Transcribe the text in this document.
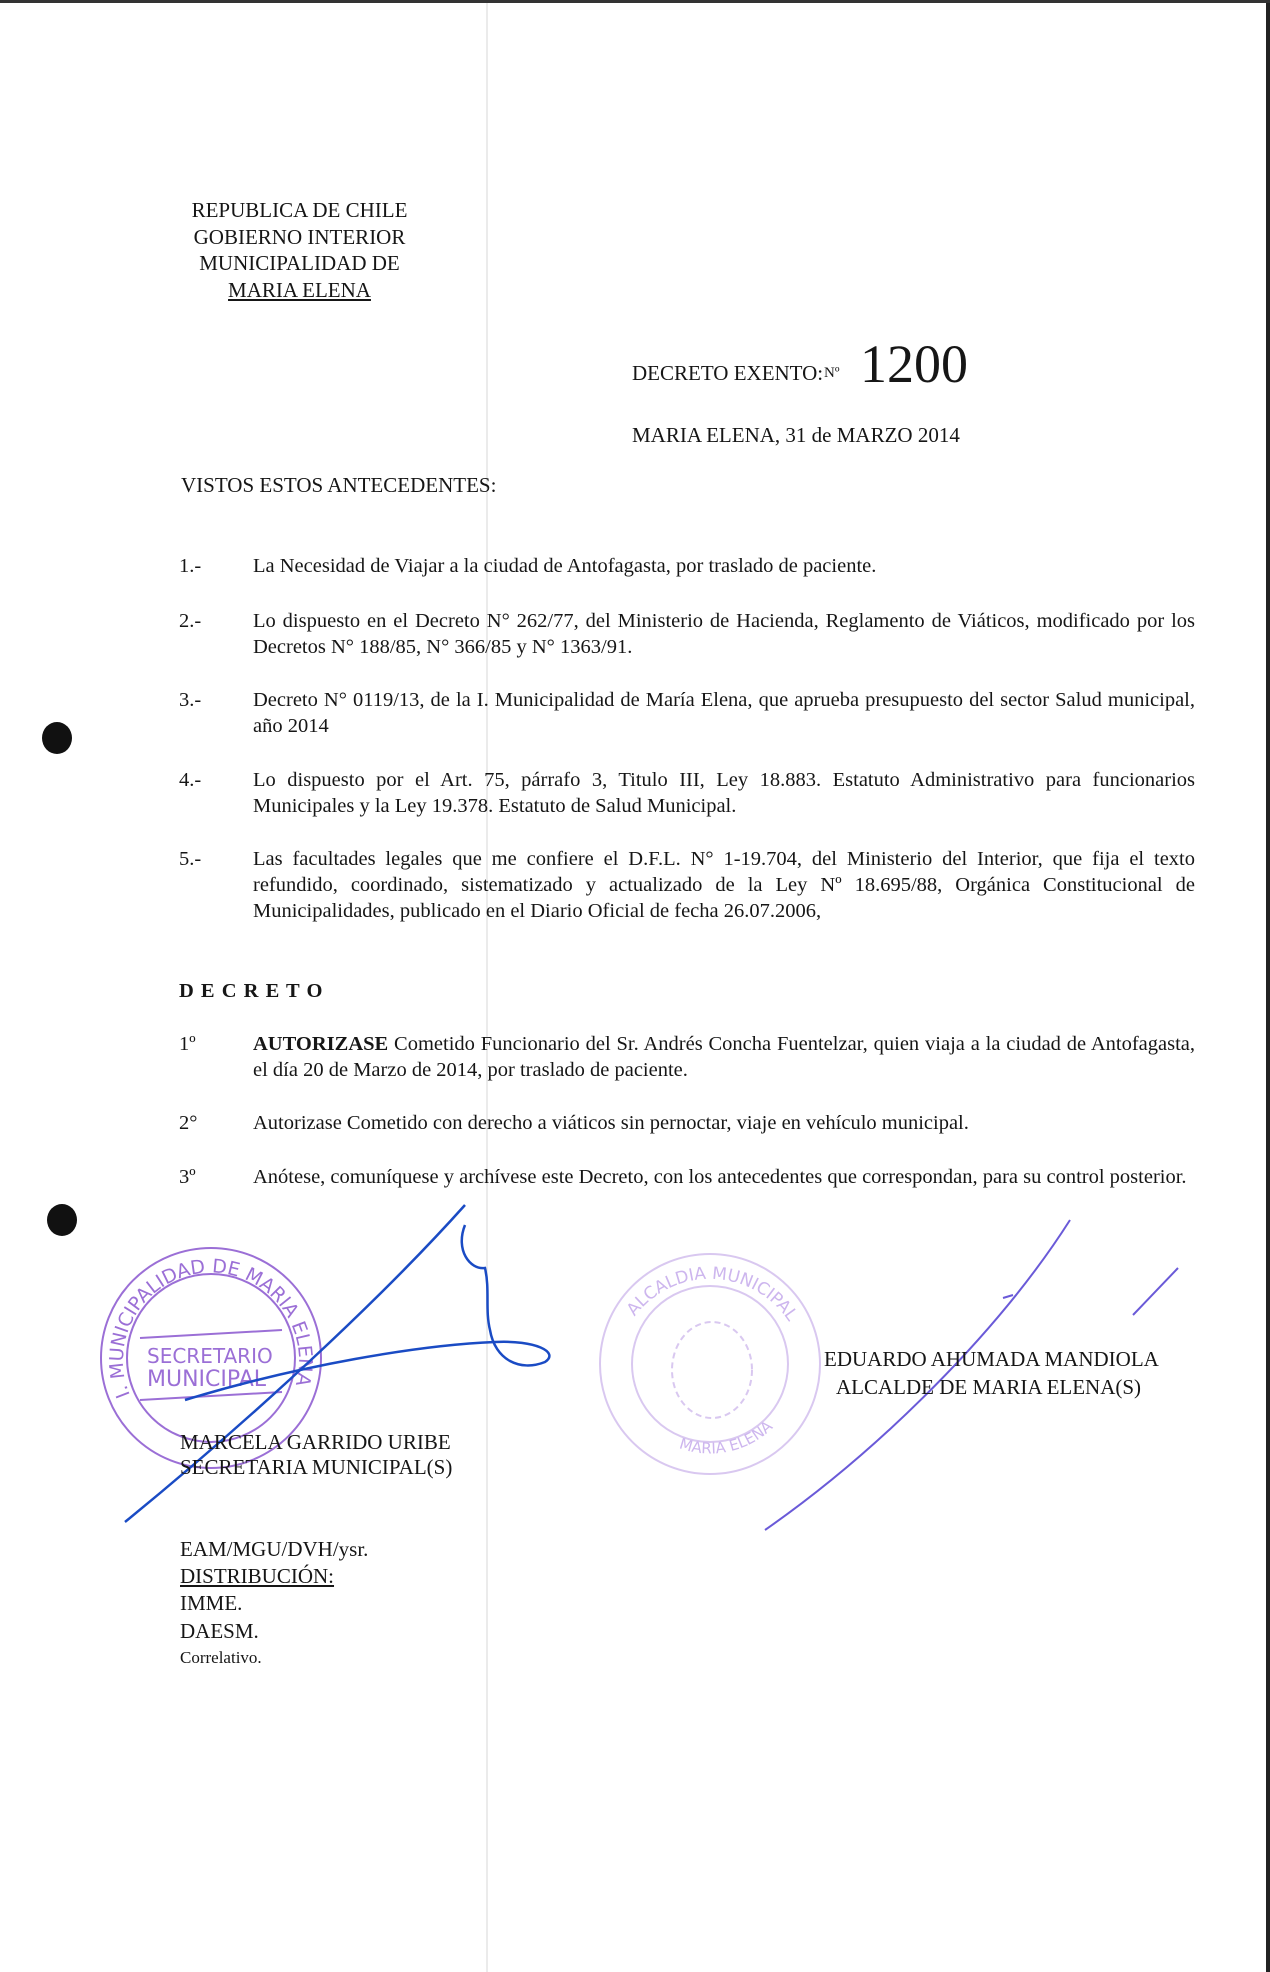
REPUBLICA DE CHILE
GOBIERNO INTERIOR
MUNICIPALIDAD DE
MARIA ELENA
DECRETO EXENTO: Nº 1200
MARIA ELENA, 31 de MARZO 2014
VISTOS ESTOS ANTECEDENTES:
1.-	La Necesidad de Viajar a la ciudad de Antofagasta, por traslado de paciente.
2.-	Lo dispuesto en el Decreto N° 262/77, del Ministerio de Hacienda, Reglamento de Viáticos, modificado por los Decretos N° 188/85, N° 366/85 y N° 1363/91.
3.-	Decreto N° 0119/13, de la I. Municipalidad de María Elena, que aprueba presupuesto del sector Salud municipal, año 2014
4.-	Lo dispuesto por el Art. 75, párrafo 3, Titulo III, Ley 18.883. Estatuto Administrativo para funcionarios Municipales y la Ley 19.378. Estatuto de Salud Municipal.
5.-	Las facultades legales que me confiere el D.F.L. N° 1-19.704, del Ministerio del Interior, que fija el texto refundido, coordinado, sistematizado y actualizado de la Ley Nº 18.695/88, Orgánica Constitucional de Municipalidades, publicado en el Diario Oficial de fecha 26.07.2006,
D E C R E T O
1º	AUTORIZASE Cometido Funcionario del Sr. Andrés Concha Fuentelzar, quien viaja a la ciudad de Antofagasta, el día 20 de Marzo de 2014, por traslado de paciente.
2°	Autorizase Cometido con derecho a viáticos sin pernoctar, viaje en vehículo municipal.
3º	Anótese, comuníquese y archívese este Decreto, con los antecedentes que correspondan, para su control posterior.
I. MUNICIPALIDAD DE MARIA ELENA
SECRETARIO
MUNICIPAL
ALCALDIA MUNICIPAL
MARIA ELENA
MARCELA GARRIDO URIBE
SECRETARIA MUNICIPAL(S)
EDUARDO AHUMADA MANDIOLA
ALCALDE DE MARIA ELENA(S)
EAM/MGU/DVH/ysr.
DISTRIBUCIÓN:
IMME.
DAESM.
Correlativo.
